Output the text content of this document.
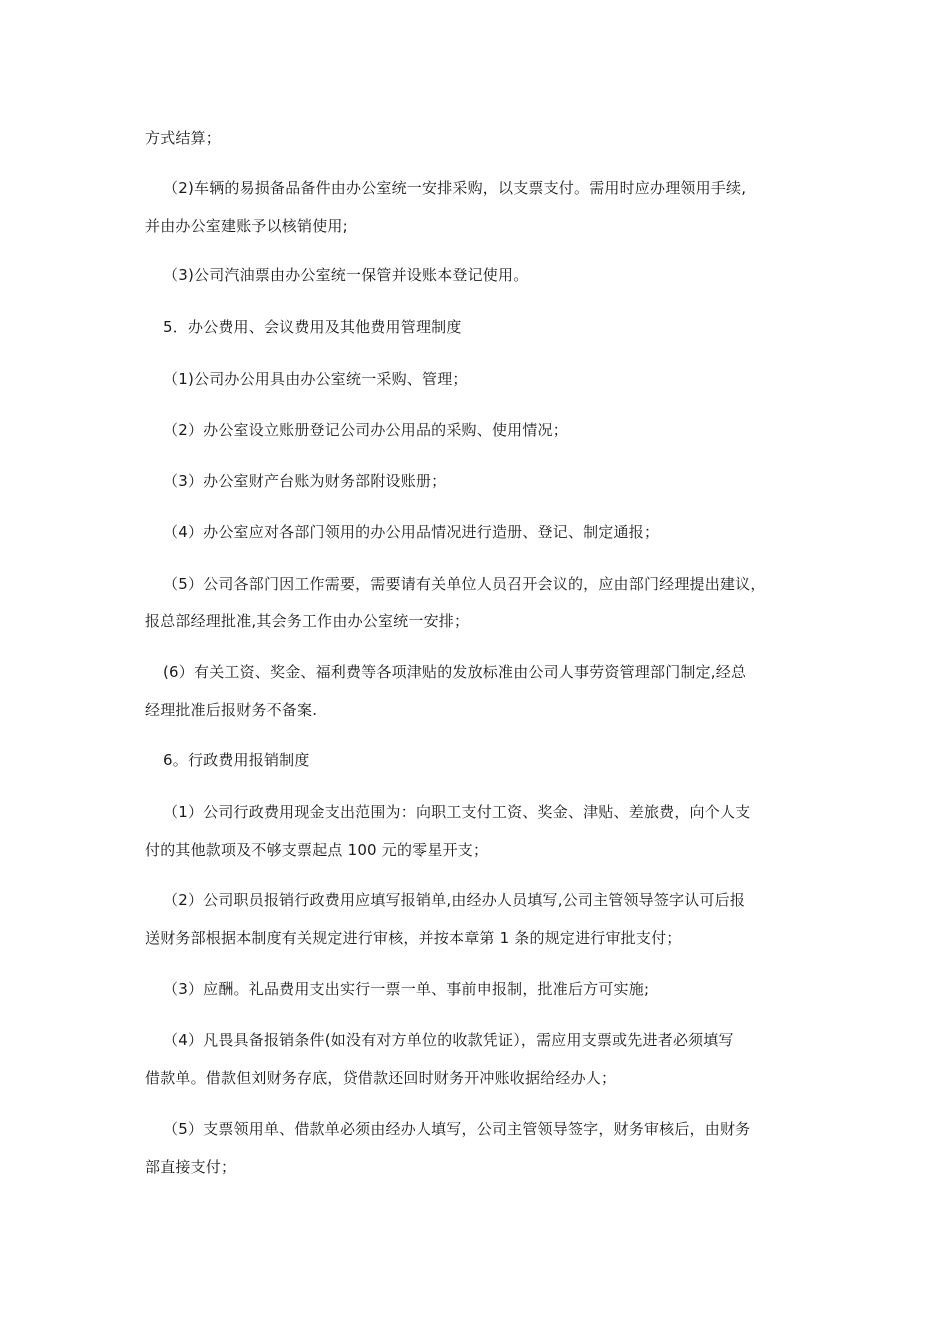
方式结算；
（2)车辆的易损备品备件由办公室统一安排采购，以支票支付。需用时应办理领用手续,
并由办公室建账予以核销使用;
（3)公司汽油票由办公室统一保管并设账本登记使用。
5．办公费用、会议费用及其他费用管理制度
（1)公司办公用具由办公室统一采购、管理；
（2）办公室设立账册登记公司办公用品的采购、使用情况；
（3）办公室财产台账为财务部附设账册；
（4）办公室应对各部门领用的办公用品情况进行造册、登记、制定通报；
（5）公司各部门因工作需要，需要请有关单位人员召开会议的，应由部门经理提出建议，
报总部经理批准,其会务工作由办公室统一安排；
(6）有关工资、奖金、福利费等各项津贴的发放标准由公司人事劳资管理部门制定,经总
经理批准后报财务不备案.
6。行政费用报销制度
（1）公司行政费用现金支出范围为：向职工支付工资、奖金、津贴、差旅费，向个人支
付的其他款项及不够支票起点 100 元的零星开支；
（2）公司职员报销行政费用应填写报销单,由经办人员填写,公司主管领导签字认可后报
送财务部根据本制度有关规定进行审核，并按本章第 1 条的规定进行审批支付；
（3）应酬。礼品费用支出实行一票一单、事前申报制，批准后方可实施;
（4）凡畏具备报销条件(如没有对方单位的收款凭证），需应用支票或先进者必须填写
借款单。借款但刘财务存底，贷借款还回时财务开冲账收据给经办人；
（5）支票领用单、借款单必须由经办人填写，公司主管领导签字，财务审核后，由财务
部直接支付；
